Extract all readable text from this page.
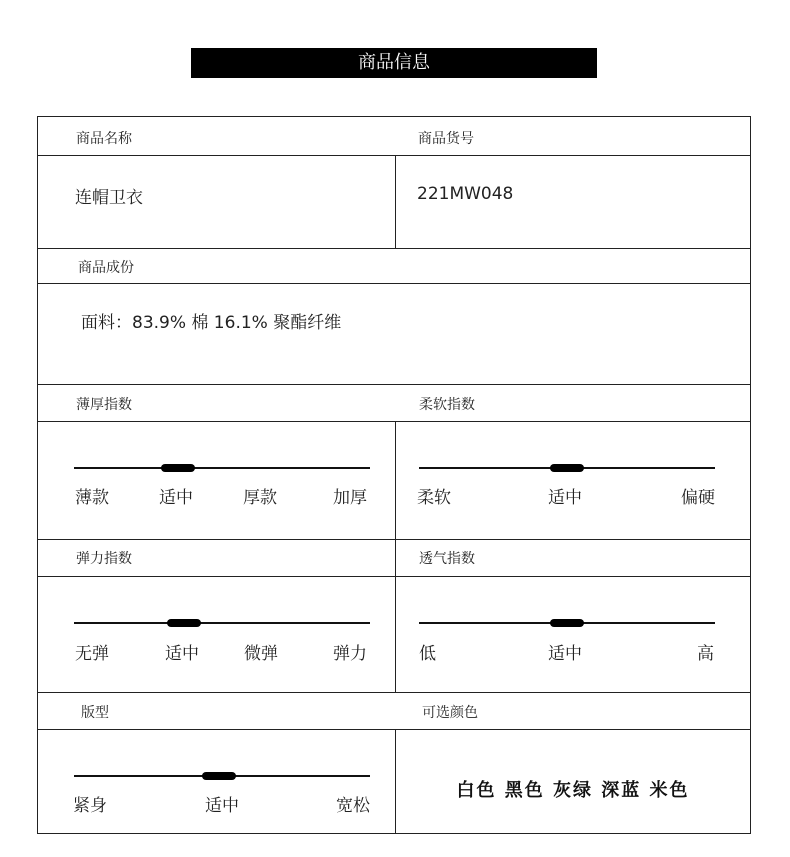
商品信息
商品名称	商品货号
连帽卫衣	221MW048
商品成份
面料：83.9% 棉 16.1% 聚酯纤维
薄厚指数
薄款	适中	厚款	加厚
柔软指数
柔软	适中	偏硬
弹力指数
无弹	适中	微弹	弹力
透气指数
低	适中	高
版型
紧身	适中	宽松
可选颜色
白色 黑色 灰绿 深蓝 米色
